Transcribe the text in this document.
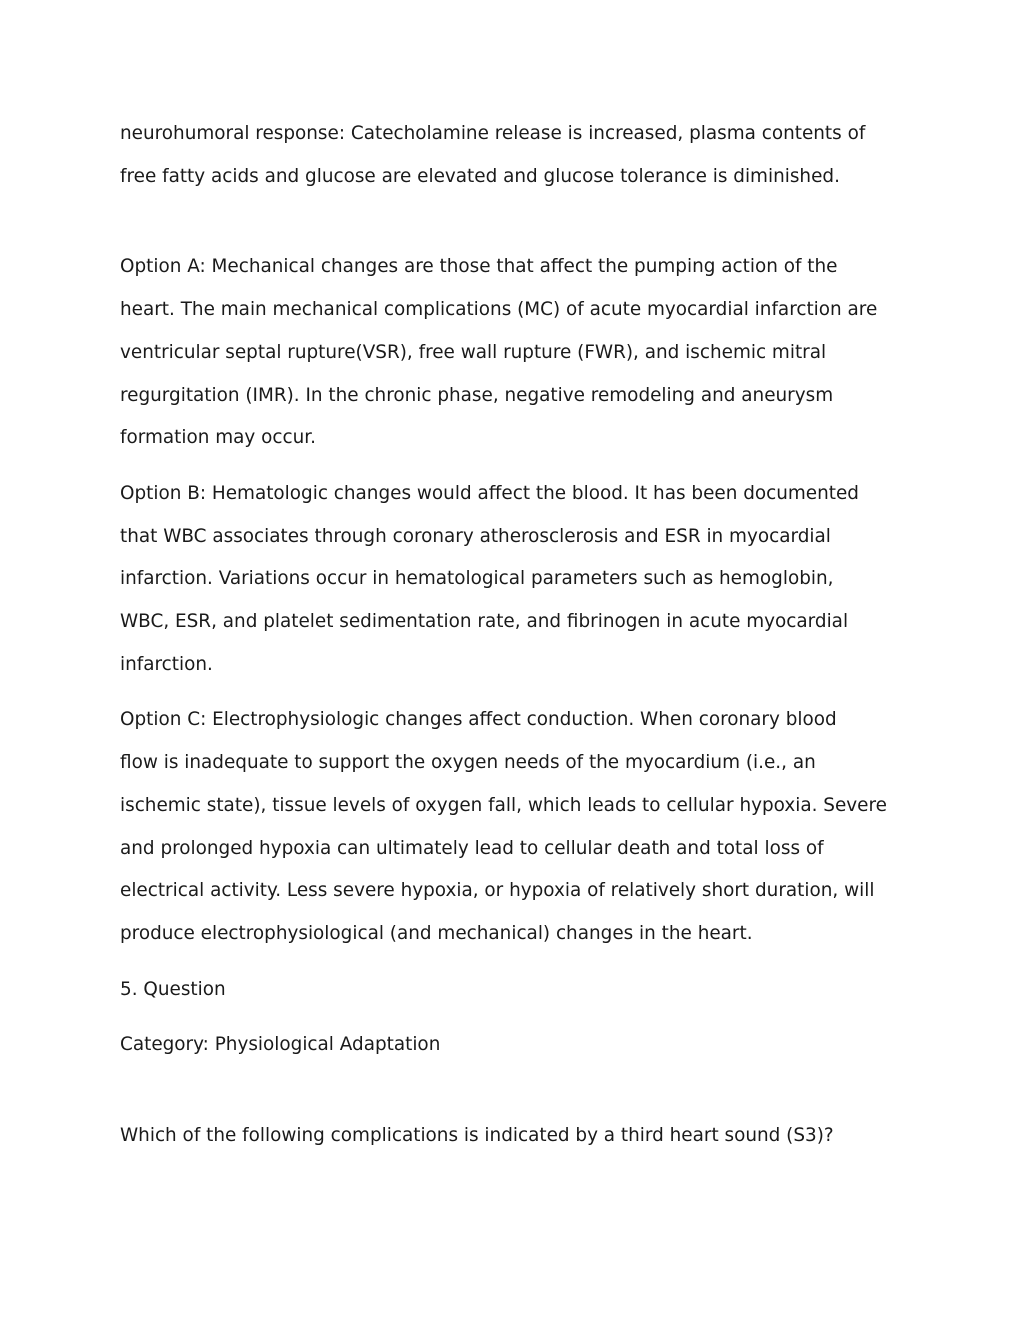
neurohumoral response: Catecholamine release is increased, plasma contents of
free fatty acids and glucose are elevated and glucose tolerance is diminished.

Option A: Mechanical changes are those that affect the pumping action of the
heart. The main mechanical complications (MC) of acute myocardial infarction are
ventricular septal rupture(VSR), free wall rupture (FWR), and ischemic mitral
regurgitation (IMR). In the chronic phase, negative remodeling and aneurysm
formation may occur.

Option B: Hematologic changes would affect the blood. It has been documented
that WBC associates through coronary atherosclerosis and ESR in myocardial
infarction. Variations occur in hematological parameters such as hemoglobin,
WBC, ESR, and platelet sedimentation rate, and fibrinogen in acute myocardial
infarction.

Option C: Electrophysiologic changes affect conduction. When coronary blood
flow is inadequate to support the oxygen needs of the myocardium (i.e., an
ischemic state), tissue levels of oxygen fall, which leads to cellular hypoxia. Severe
and prolonged hypoxia can ultimately lead to cellular death and total loss of
electrical activity. Less severe hypoxia, or hypoxia of relatively short duration, will
produce electrophysiological (and mechanical) changes in the heart.

5. Question

Category: Physiological Adaptation

Which of the following complications is indicated by a third heart sound (S3)?
